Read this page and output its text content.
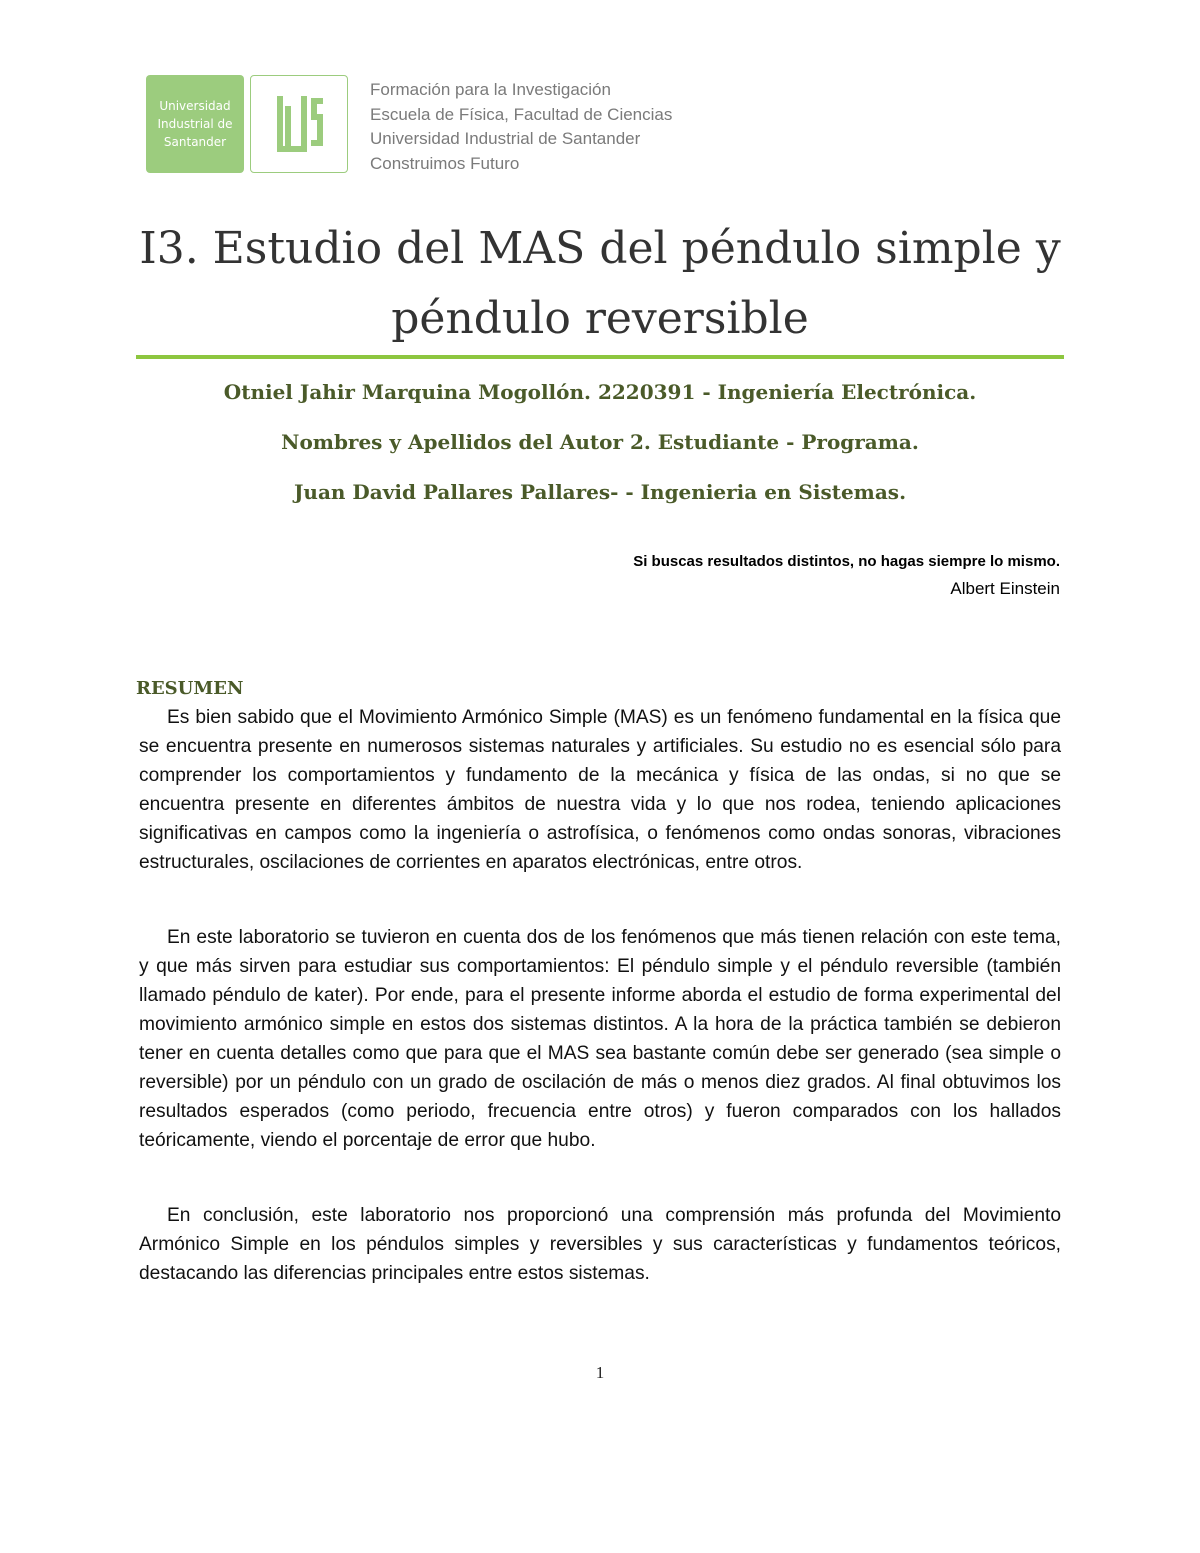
Universidad
Industrial de
Santander
Formación para la Investigación
Escuela de Física, Facultad de Ciencias
Universidad Industrial de Santander
Construimos Futuro
I3. Estudio del MAS del péndulo simple y
péndulo reversible

Otniel Jahir Marquina Mogollón. 2220391 - Ingeniería Electrónica.

Nombres y Apellidos del Autor 2. Estudiante - Programa.

Juan David Pallares Pallares- - Ingenieria en Sistemas.

Si buscas resultados distintos, no hagas siempre lo mismo.
Albert Einstein
RESUMEN

Es bien sabido que el Movimiento Armónico Simple (MAS) es un fenómeno fundamental en la física que se encuentra presente en numerosos sistemas naturales y artificiales. Su estudio no es esencial sólo para comprender los comportamientos y fundamento de la mecánica y física de las ondas, si no que se encuentra presente en diferentes ámbitos de nuestra vida y lo que nos rodea, teniendo aplicaciones significativas en campos como la ingeniería o astrofísica, o fenómenos como ondas sonoras, vibraciones estructurales, oscilaciones de corrientes en aparatos electrónicas, entre otros.

En este laboratorio se tuvieron en cuenta dos de los fenómenos que más tienen relación con este tema, y que más sirven para estudiar sus comportamientos: El péndulo simple y el péndulo reversible (también llamado péndulo de kater). Por ende, para el presente informe aborda el estudio de forma experimental del movimiento armónico simple en estos dos sistemas distintos. A la hora de la práctica también se debieron tener en cuenta detalles como que para que el MAS sea bastante común debe ser generado (sea simple o reversible) por un péndulo con un grado de oscilación de más o menos diez grados. Al final obtuvimos los resultados esperados (como periodo, frecuencia entre otros) y fueron comparados con los hallados teóricamente, viendo el porcentaje de error que hubo.

En conclusión, este laboratorio nos proporcionó una comprensión más profunda del Movimiento Armónico Simple en los péndulos simples y reversibles y sus características y fundamentos teóricos, destacando las diferencias principales entre estos sistemas.

1
